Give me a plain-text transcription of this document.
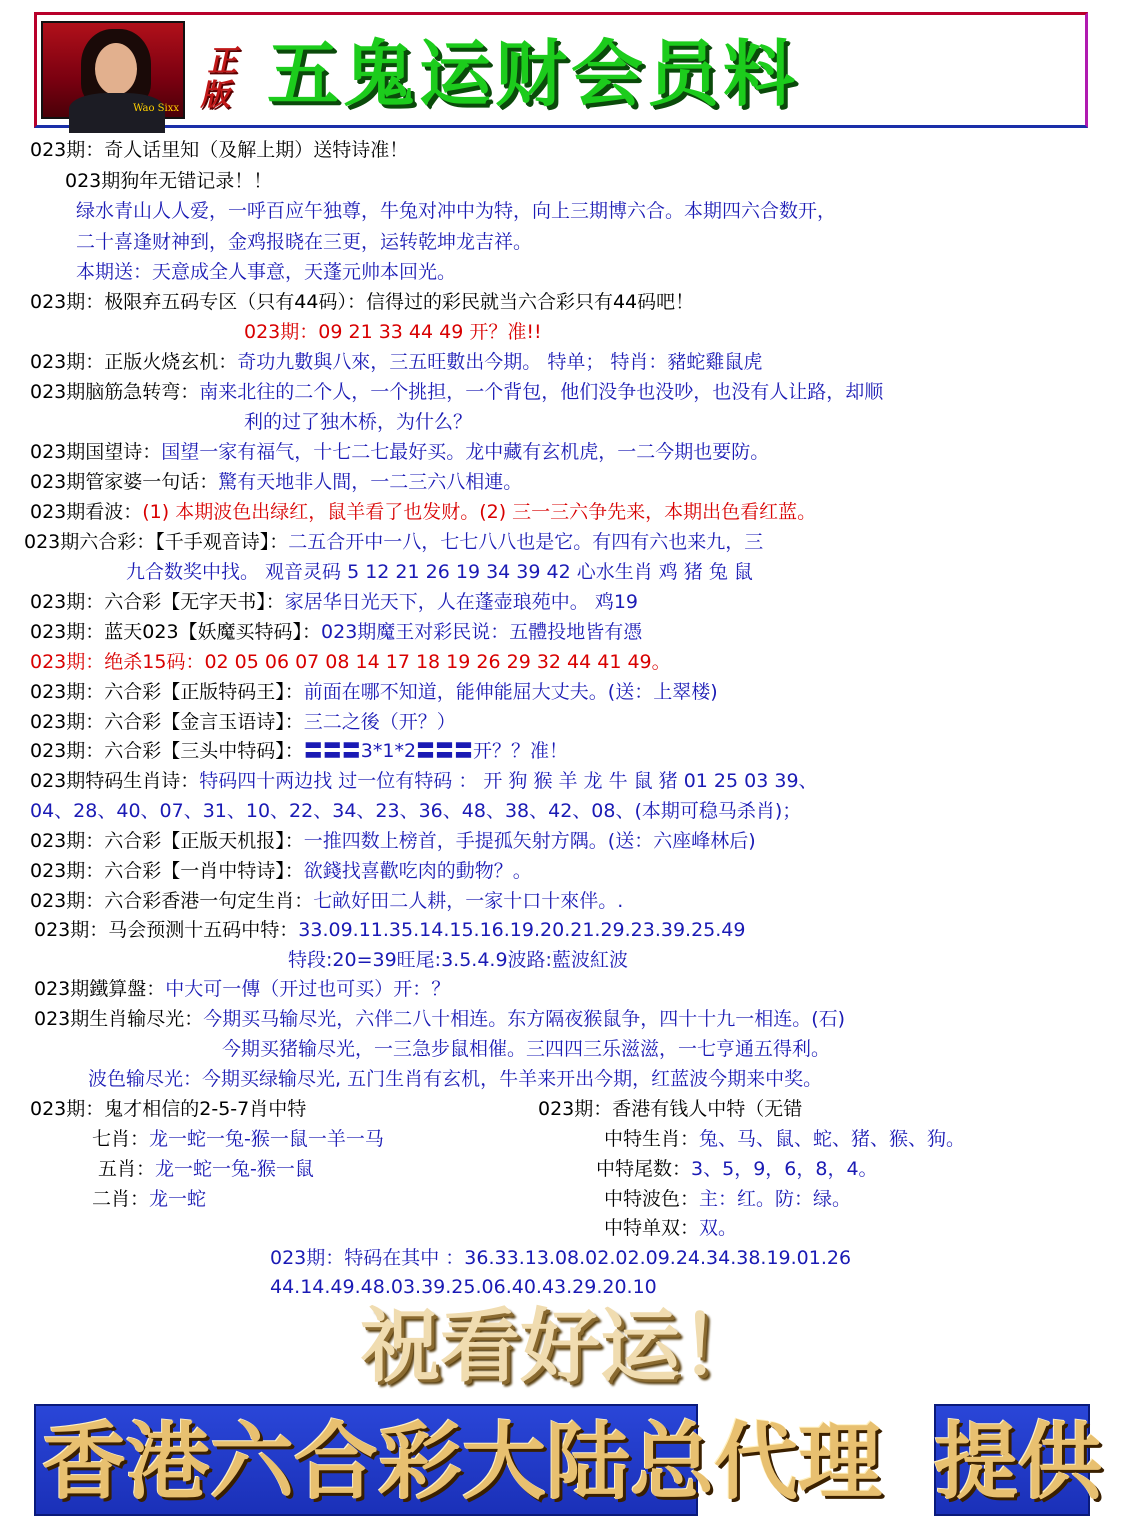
Wao Sixx
正版 五鬼运财会员料
023期：奇人话里知（及解上期）送特诗准！
023期狗年无错记录！！
绿水青山人人爱，一呼百应午独尊，牛兔对冲中为特，向上三期博六合。本期四六合数开，
二十喜逢财神到，金鸡报晓在三更，运转乾坤龙吉祥。
本期送：天意成全人事意，天蓬元帅本回光。
023期：极限弃五码专区（只有44码）：信得过的彩民就当六合彩只有44码吧！
023期：09 21 33 44 49 开？准!!
023期：正版火烧玄机：奇功九數與八來，三五旺數出今期。 特单； 特肖：豬蛇雞鼠虎
023期脑筋急转弯：南来北往的二个人，一个挑担，一个背包，他们没争也没吵，也没有人让路，却顺
利的过了独木桥，为什么？
023期国望诗：国望一家有福气，十七二七最好买。龙中藏有玄机虎，一二今期也要防。
023期管家婆一句话：驚有天地非人間，一二三六八相連。
023期看波：(1) 本期波色出绿红，鼠羊看了也发财。(2) 三一三六争先来，本期出色看红蓝。
023期六合彩：【千手观音诗】：二五合开中一八，七七八八也是它。有四有六也来九，三
九合数奖中找。 观音灵码 5 12 21 26 19 34 39 42 心水生肖 鸡 猪 兔 鼠
023期：六合彩【无字天书】：家居华日光天下，人在蓬壶琅苑中。 鸡19
023期：蓝天023【妖魔买特码】：023期魔王对彩民说：五體投地皆有憑
023期：绝杀15码：02 05 06 07 08 14 17 18 19 26 29 32 44 41 49。
023期：六合彩【正版特码王】：前面在哪不知道，能伸能屈大丈夫。(送：上翠楼)
023期：六合彩【金言玉语诗】：三二之後（开？）
023期：六合彩【三头中特码】：〓〓〓3*1*2〓〓〓开？？准！
023期特码生肖诗：特码四十两边找 过一位有特码 ： 开 狗 猴 羊 龙 牛 鼠 猪 01 25 03 39、
04、28、40、07、31、10、22、34、23、36、48、38、42、08、(本期可稳马杀肖)；
023期：六合彩【正版天机报】：一推四数上榜首，手提孤矢射方隅。(送：六座峰林后)
023期：六合彩【一肖中特诗】：欲錢找喜歡吃肉的動物？。
023期：六合彩香港一句定生肖：七畝好田二人耕，一家十口十來伴。.
023期：马会预测十五码中特：33.09.11.35.14.15.16.19.20.21.29.23.39.25.49
特段:20=39旺尾:3.5.4.9波路:藍波紅波
023期鐵算盤：中大可一傳（开过也可买）开：？
023期生肖输尽光：今期买马输尽光，六伴二八十相连。东方隔夜猴鼠争，四十十九一相连。(石)
今期买猪输尽光，一三急步鼠相催。三四四三乐滋滋，一七亨通五得利。
波色输尽光：今期买绿输尽光, 五门生肖有玄机，牛羊来开出今期，红蓝波今期来中奖。
023期：鬼才相信的2-5-7肖中特
七肖：龙一蛇一兔-猴一鼠一羊一马
五肖：龙一蛇一兔-猴一鼠
二肖：龙一蛇
023期：香港有钱人中特（无错
中特生肖：兔、马、鼠、蛇、猪、猴、狗。
中特尾数：3、5，9，6，8，4。
中特波色：主：红。防：绿。
中特单双：双。
023期：特码在其中 ：36.33.13.08.02.02.09.24.34.38.19.01.26
44.14.49.48.03.39.25.06.40.43.29.20.10
祝看好运！
香港六合彩大陆总代理 提供
